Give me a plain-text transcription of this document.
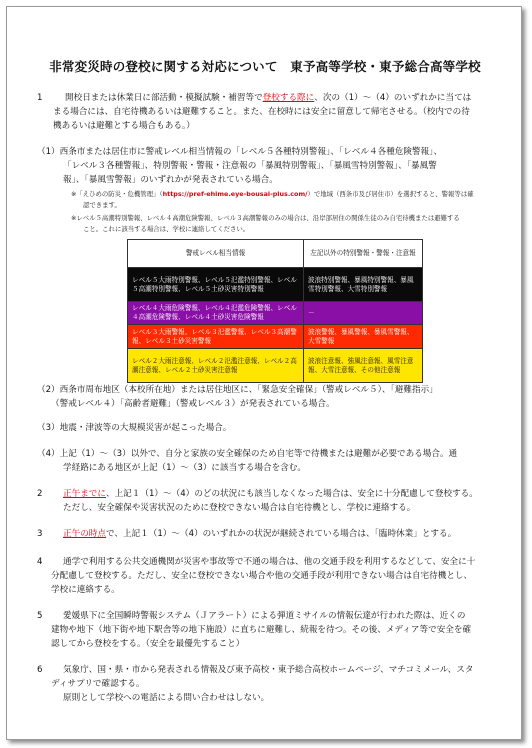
非常変災時の登校に関する対応について　東予高等学校・東予総合高等学校
1	開校日または休業日に部活動・模擬試験・補習等で登校する際に、次の（1）～（4）のいずれかに当ては
まる場合には、自宅待機あるいは避難すること。また、在校時には安全に留意して帰宅させる。（校内での待
機あるいは避難とする場合もある。）
（1）西条市または居住市に警戒レベル相当情報の「レベル５各種特別警報」、「レベル４各種危険警報」、
「レベル３各種警報」、特別警報・警報・注意報の「暴風特別警報」、「暴風雪特別警報」、「暴風警
報」、「暴風雪警報」のいずれかが発表されている場合。
※「えひめの防災・危機管理」（https://pref-ehime.eye-bousai-plus.com/）で地域（西条市及び居住市）を選択すると、警報等は確
認できます。
※レベル５高潮特別警報、レベル４高潮危険警報、レベル３高潮警報のみの場合は、沿岸部居住の関係生徒のみ自宅待機または避難する
こと。これに該当する場合は、学校に連絡してください。
警戒レベル相当情報	左記以外の特別警報・警報・注意報
レベル５大雨特別警報、レベル５氾濫特別警報、レベル５高潮特別警報、レベル５土砂災害特別警報	波浪特別警報、暴風特別警報、暴風雪特別警報、大雪特別警報
レベル４大雨危険警報、レベル４氾濫危険警報、レベル４高潮危険警報、レベル４土砂災害危険警報	－
レベル３大雨警報、レベル３氾濫警報、レベル３高潮警報、レベル３土砂災害警報	波浪警報、暴風警報、暴風雪警報、大雪警報
レベル２大雨注意報、レベル２氾濫注意報、レベル２高潮注意報、レベル２土砂災害注意報	波浪注意報、強風注意報、風雪注意報、大雪注意報、その他注意報
（2）西条市周布地区（本校所在地）または居住地区に、「緊急安全確保」（警戒レベル５）、「避難指示」
（警戒レベル４）「高齢者避難」（警戒レベル３）が発表されている場合。
（3）地震・津波等の大規模災害が起こった場合。
（4）上記（1）～（3）以外で、自分と家族の安全確保のため自宅等で待機または避難が必要である場合。通
学経路にある地区が上記（1）～（3）に該当する場合を含む。
2 正午までに、上記１（1）～（4）のどの状況にも該当しなくなった場合は、安全に十分配慮して登校する。
ただし、安全確保や災害状況のために登校できない場合は自宅待機とし、学校に連絡する。
3 正午の時点で、上記１（1）～（4）のいずれかの状況が継続されている場合は、「臨時休業」とする。
4 通学で利用する公共交通機関が災害や事故等で不通の場合は、他の交通手段を利用するなどして、安全に十
分配慮して登校する。ただし、安全に登校できない場合や他の交通手段が利用できない場合は自宅待機とし、
学校に連絡する。
5 愛媛県下に全国瞬時警報システム（Ｊアラート）による弾道ミサイルの情報伝達が行われた際は、近くの
建物や地下（地下街や地下駅舎等の地下施設）に直ちに避難し、続報を待つ。その後、メディア等で安全を確
認してから登校をする。（安全を最優先すること）
6 気象庁、国・県・市から発表される情報及び東予高校・東予総合高校ホームページ、マチコミメール、スタ
ディサプリで確認する。
原則として学校への電話による問い合わせはしない。
